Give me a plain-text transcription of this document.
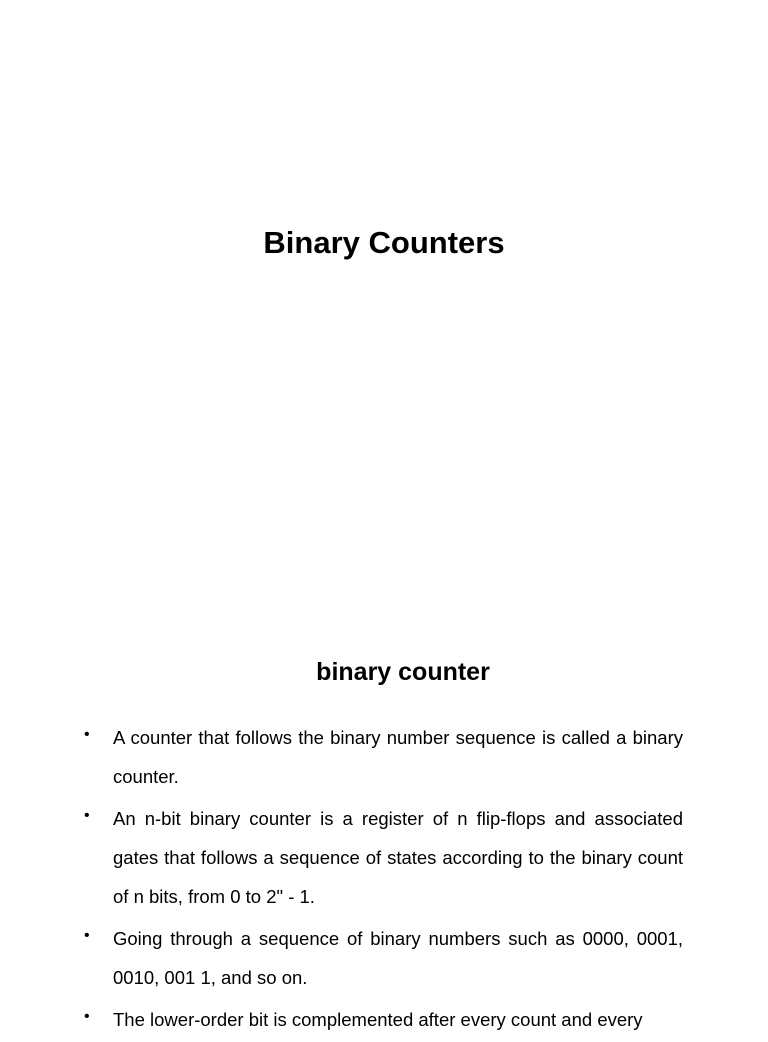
Binary Counters
binary counter
• A counter that follows the binary number sequence is called a binary counter.
• An n-bit binary counter is a register of n flip-flops and associated gates that follows a sequence of states according to the binary count of n bits, from 0 to 2" - 1.
• Going through a sequence of binary numbers such as 0000, 0001, 0010, 001 1, and so on.
• The lower-order bit is complemented after every count and every
